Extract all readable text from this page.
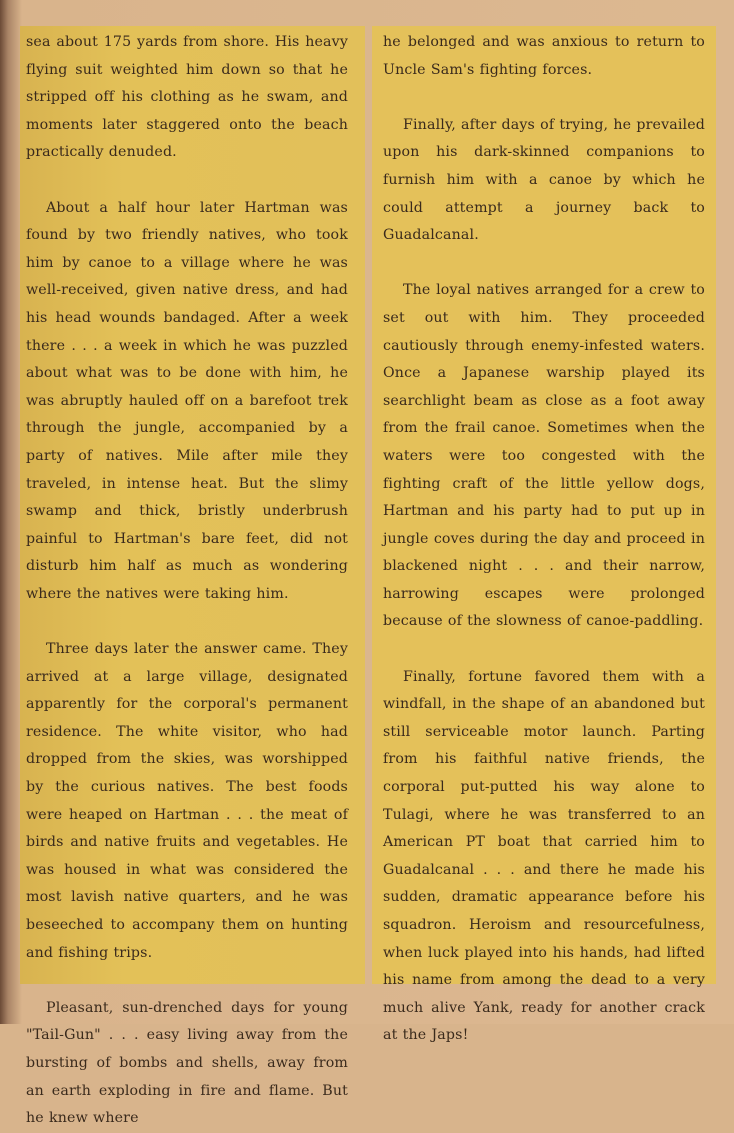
sea about 175 yards from shore. His heavy flying suit weighted him down so that he stripped off his clothing as he swam, and moments later staggered onto the beach practically denuded.

About a half hour later Hartman was found by two friendly natives, who took him by canoe to a village where he was well-received, given native dress, and had his head wounds bandaged. After a week there . . . a week in which he was puzzled about what was to be done with him, he was abruptly hauled off on a barefoot trek through the jungle, accompanied by a party of natives. Mile after mile they traveled, in intense heat. But the slimy swamp and thick, bristly underbrush painful to Hartman's bare feet, did not disturb him half as much as wondering where the natives were taking him.

Three days later the answer came. They arrived at a large village, designated apparently for the corporal's permanent residence. The white visitor, who had dropped from the skies, was worshipped by the curious natives. The best foods were heaped on Hartman . . . the meat of birds and native fruits and vegetables. He was housed in what was considered the most lavish native quarters, and he was beseeched to accompany them on hunting and fishing trips.

Pleasant, sun-drenched days for young "Tail-Gun" . . . easy living away from the bursting of bombs and shells, away from an earth exploding in fire and flame. But he knew where

he belonged and was anxious to return to Uncle Sam's fighting forces.

Finally, after days of trying, he prevailed upon his dark-skinned companions to furnish him with a canoe by which he could attempt a journey back to Guadalcanal.

The loyal natives arranged for a crew to set out with him. They proceeded cautiously through enemy-infested waters. Once a Japanese warship played its searchlight beam as close as a foot away from the frail canoe. Sometimes when the waters were too congested with the fighting craft of the little yellow dogs, Hartman and his party had to put up in jungle coves during the day and proceed in blackened night . . . and their narrow, harrowing escapes were prolonged because of the slowness of canoe-paddling.

Finally, fortune favored them with a windfall, in the shape of an abandoned but still serviceable motor launch. Parting from his faithful native friends, the corporal put-putted his way alone to Tulagi, where he was transferred to an American PT boat that carried him to Guadalcanal . . . and there he made his sudden, dramatic appearance before his squadron. Heroism and resourcefulness, when luck played into his hands, had lifted his name from among the dead to a very much alive Yank, ready for another crack at the Japs!
